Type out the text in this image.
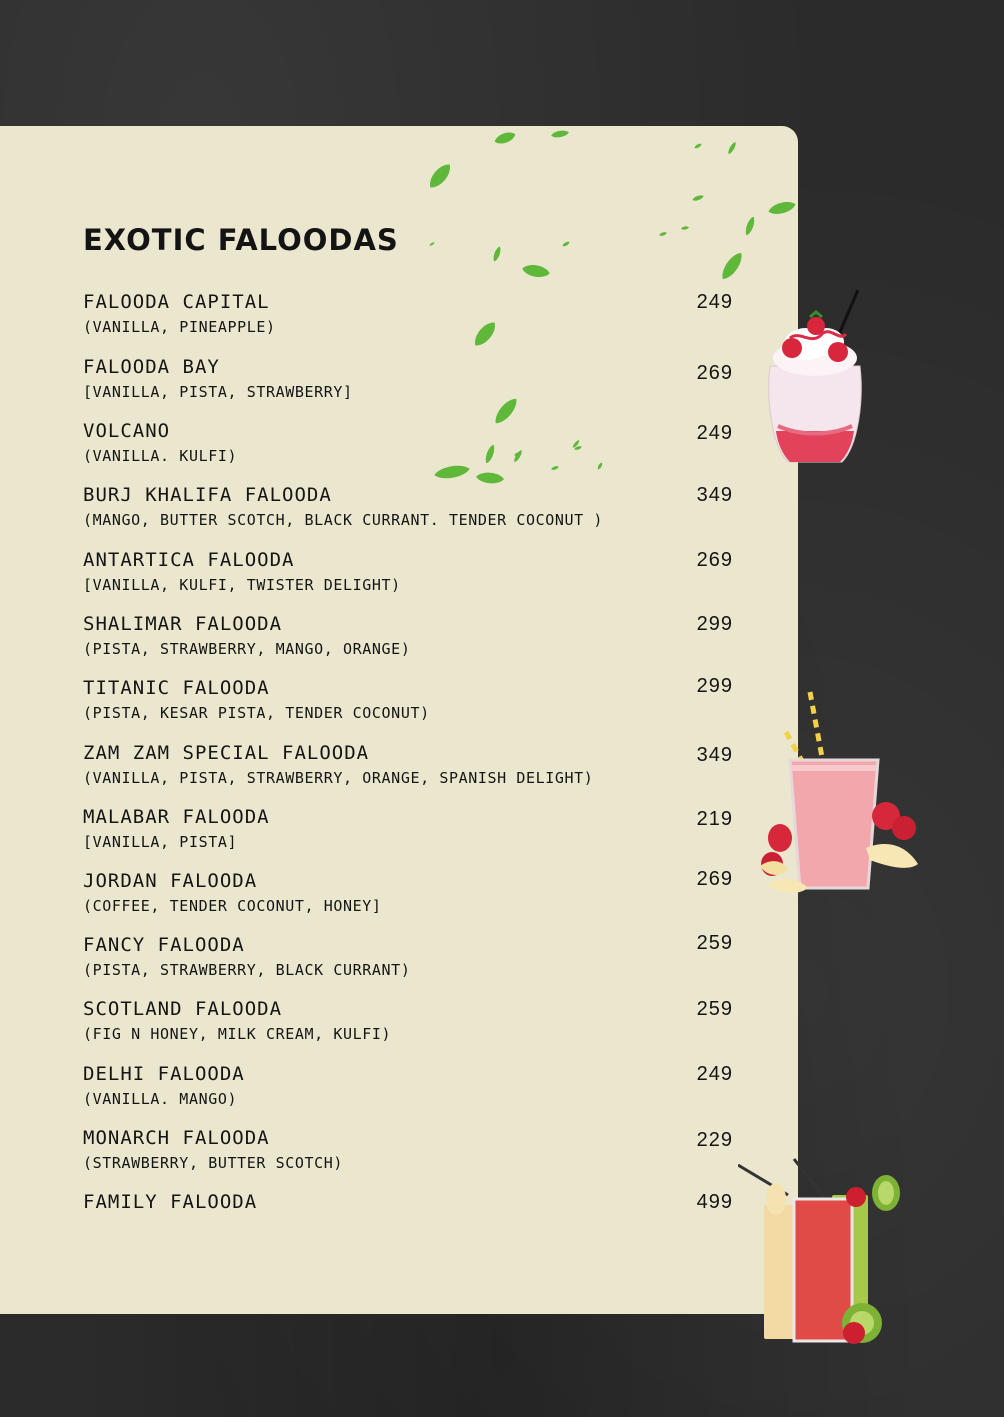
EXOTIC FALOODAS
FALOODA CAPITAL
(VANILLA, PINEAPPLE)
249
FALOODA BAY
[VANILLA, PISTA, STRAWBERRY]
269
VOLCANO
(VANILLA. KULFI)
249
BURJ KHALIFA FALOODA
(MANGO, BUTTER SCOTCH, BLACK CURRANT. TENDER COCONUT )
349
ANTARTICA FALOODA
[VANILLA, KULFI, TWISTER DELIGHT)
269
SHALIMAR FALOODA
(PISTA, STRAWBERRY, MANGO, ORANGE)
299
TITANIC FALOODA
(PISTA, KESAR PISTA, TENDER COCONUT)
299
ZAM ZAM SPECIAL FALOODA
(VANILLA, PISTA, STRAWBERRY, ORANGE, SPANISH DELIGHT)
349
MALABAR FALOODA
[VANILLA, PISTA]
219
JORDAN FALOODA
(COFFEE, TENDER COCONUT, HONEY]
269
FANCY FALOODA
(PISTA, STRAWBERRY, BLACK CURRANT)
259
SCOTLAND FALOODA
(FIG N HONEY, MILK CREAM, KULFI)
259
DELHI FALOODA
(VANILLA. MANGO)
249
MONARCH FALOODA
(STRAWBERRY, BUTTER SCOTCH)
229
FAMILY FALOODA	499
